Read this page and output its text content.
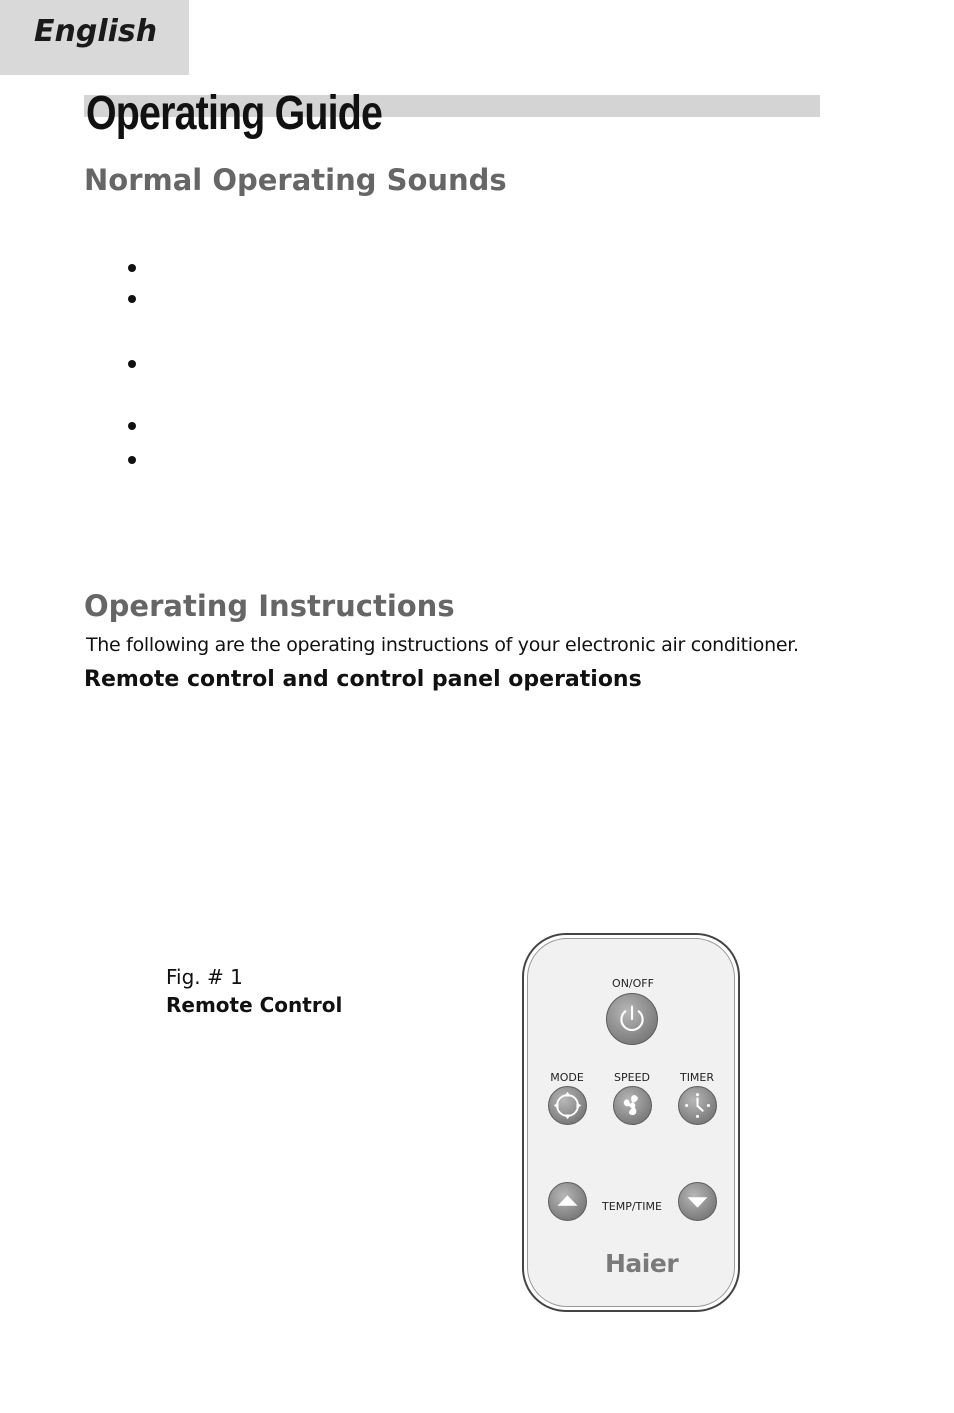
English
Operating Guide
Normal Operating Sounds
Operating Instructions

The following are the operating instructions of your electronic air conditioner.

Remote control and control panel operations
Fig. # 1
Remote Control
ON/OFF
MODE	SPEED	TIMER
TEMP/TIME
Haier
